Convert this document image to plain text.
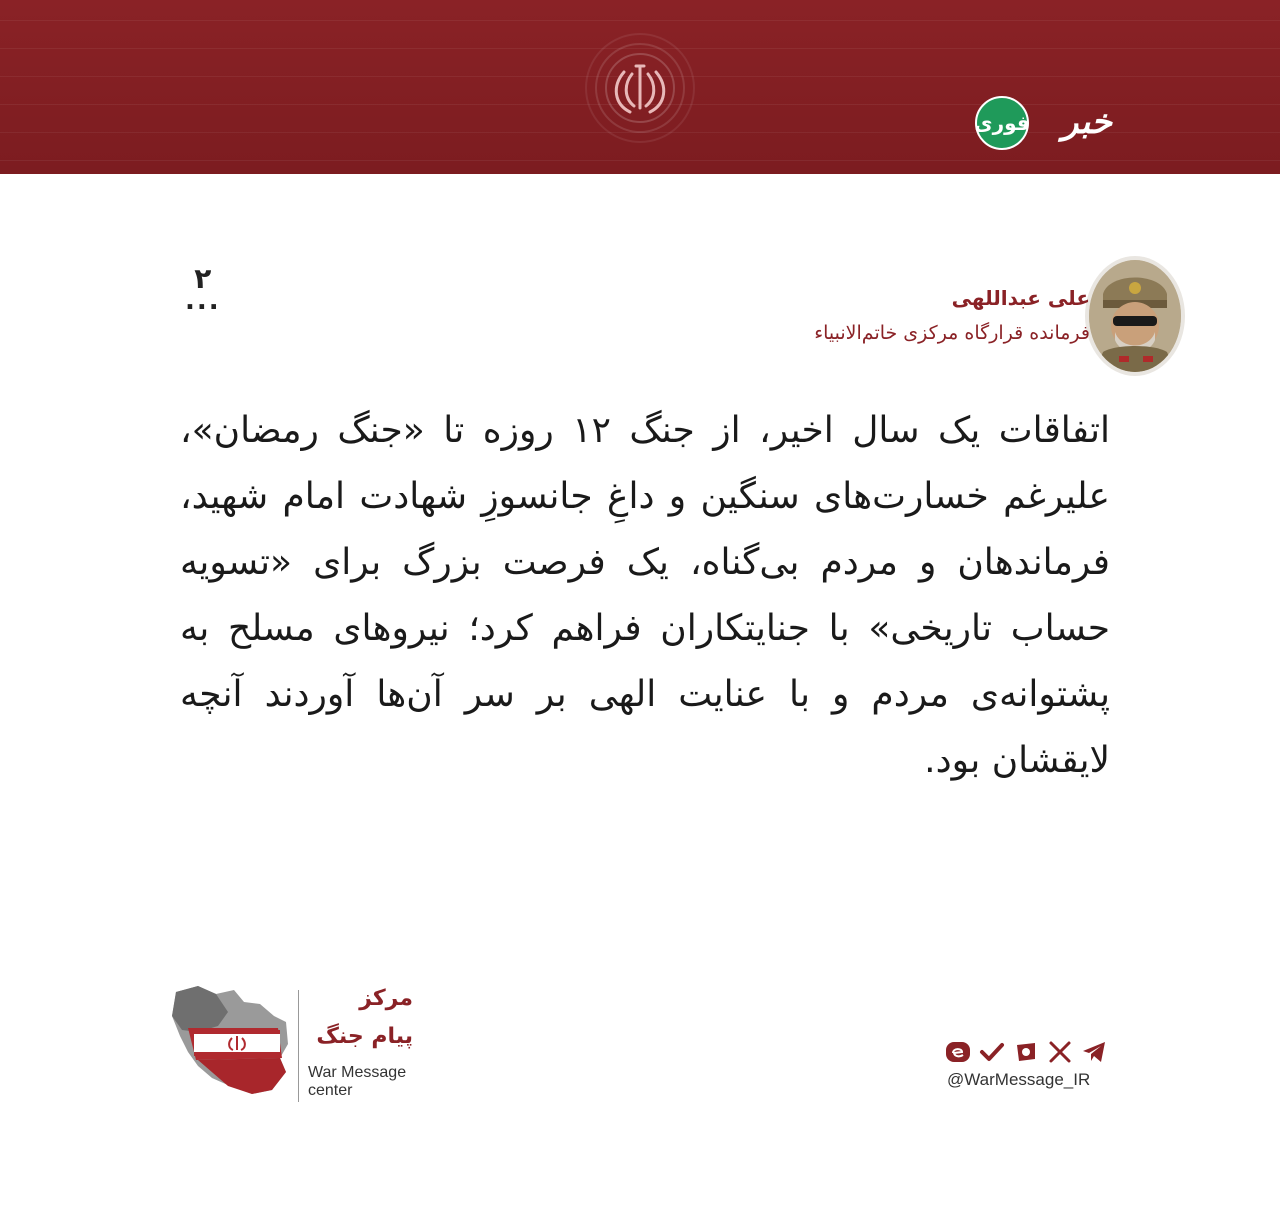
فوری خبر
علی عبداللهی
فرمانده قرارگاه مرکزی خاتم‌الانبیاء
۲
...
اتفاقات یک سال اخیر، از جنگ ۱۲ روزه تا «جنگ رمضان»، علیرغم خسارت‌های سنگین و داغِ جانسوزِ شهادت امام شهید، فرماندهان و مردم بی‌گناه، یک فرصت بزرگ برای «تسویه حساب تاریخی» با جنایتکاران فراهم کرد؛ نیروهای مسلح به پشتوانه‌ی مردم و با عنایت الهی بر سر آن‌ها آوردند آنچه لایقشان بود.
مرکز
پیام جنگ
War Message
center
@WarMessage_IR
